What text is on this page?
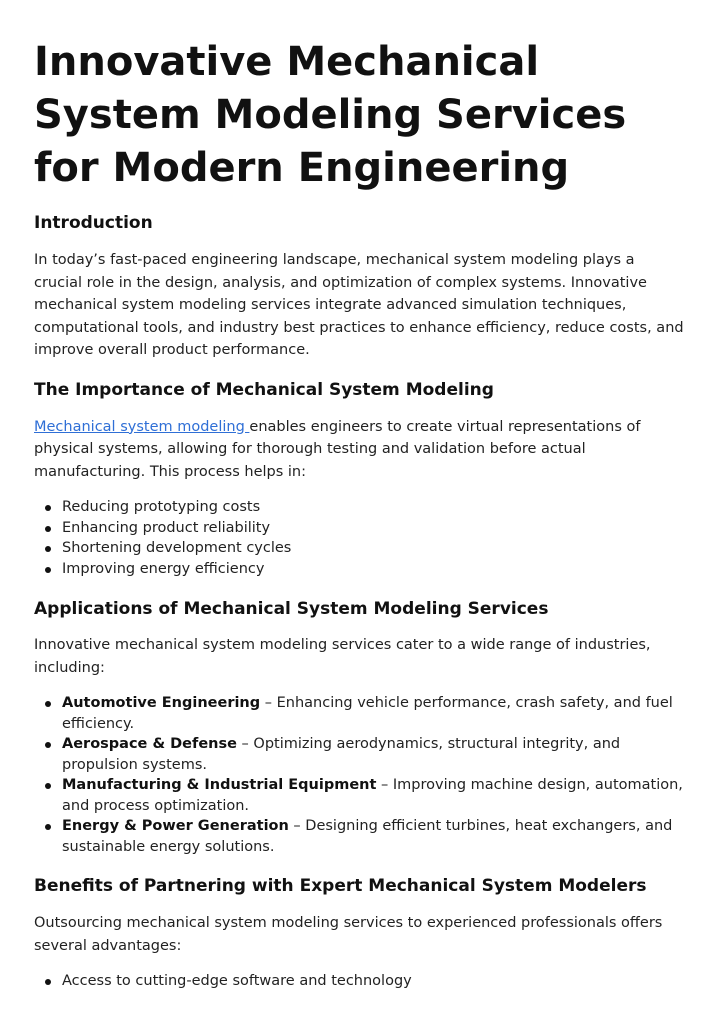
Innovative Mechanical System Modeling Services for Modern Engineering
Introduction

In today’s fast-paced engineering landscape, mechanical system modeling plays a crucial role in the design, analysis, and optimization of complex systems. Innovative mechanical system modeling services integrate advanced simulation techniques, computational tools, and industry best practices to enhance efficiency, reduce costs, and improve overall product performance.

The Importance of Mechanical System Modeling

Mechanical system modeling enables engineers to create virtual representations of physical systems, allowing for thorough testing and validation before actual manufacturing. This process helps in:

Reducing prototyping costs
Enhancing product reliability
Shortening development cycles
Improving energy efficiency
Applications of Mechanical System Modeling Services

Innovative mechanical system modeling services cater to a wide range of industries, including:

Automotive Engineering – Enhancing vehicle performance, crash safety, and fuel efficiency.
Aerospace & Defense – Optimizing aerodynamics, structural integrity, and propulsion systems.
Manufacturing & Industrial Equipment – Improving machine design, automation, and process optimization.
Energy & Power Generation – Designing efficient turbines, heat exchangers, and sustainable energy solutions.
Benefits of Partnering with Expert Mechanical System Modelers

Outsourcing mechanical system modeling services to experienced professionals offers several advantages:

Access to cutting-edge software and technology
